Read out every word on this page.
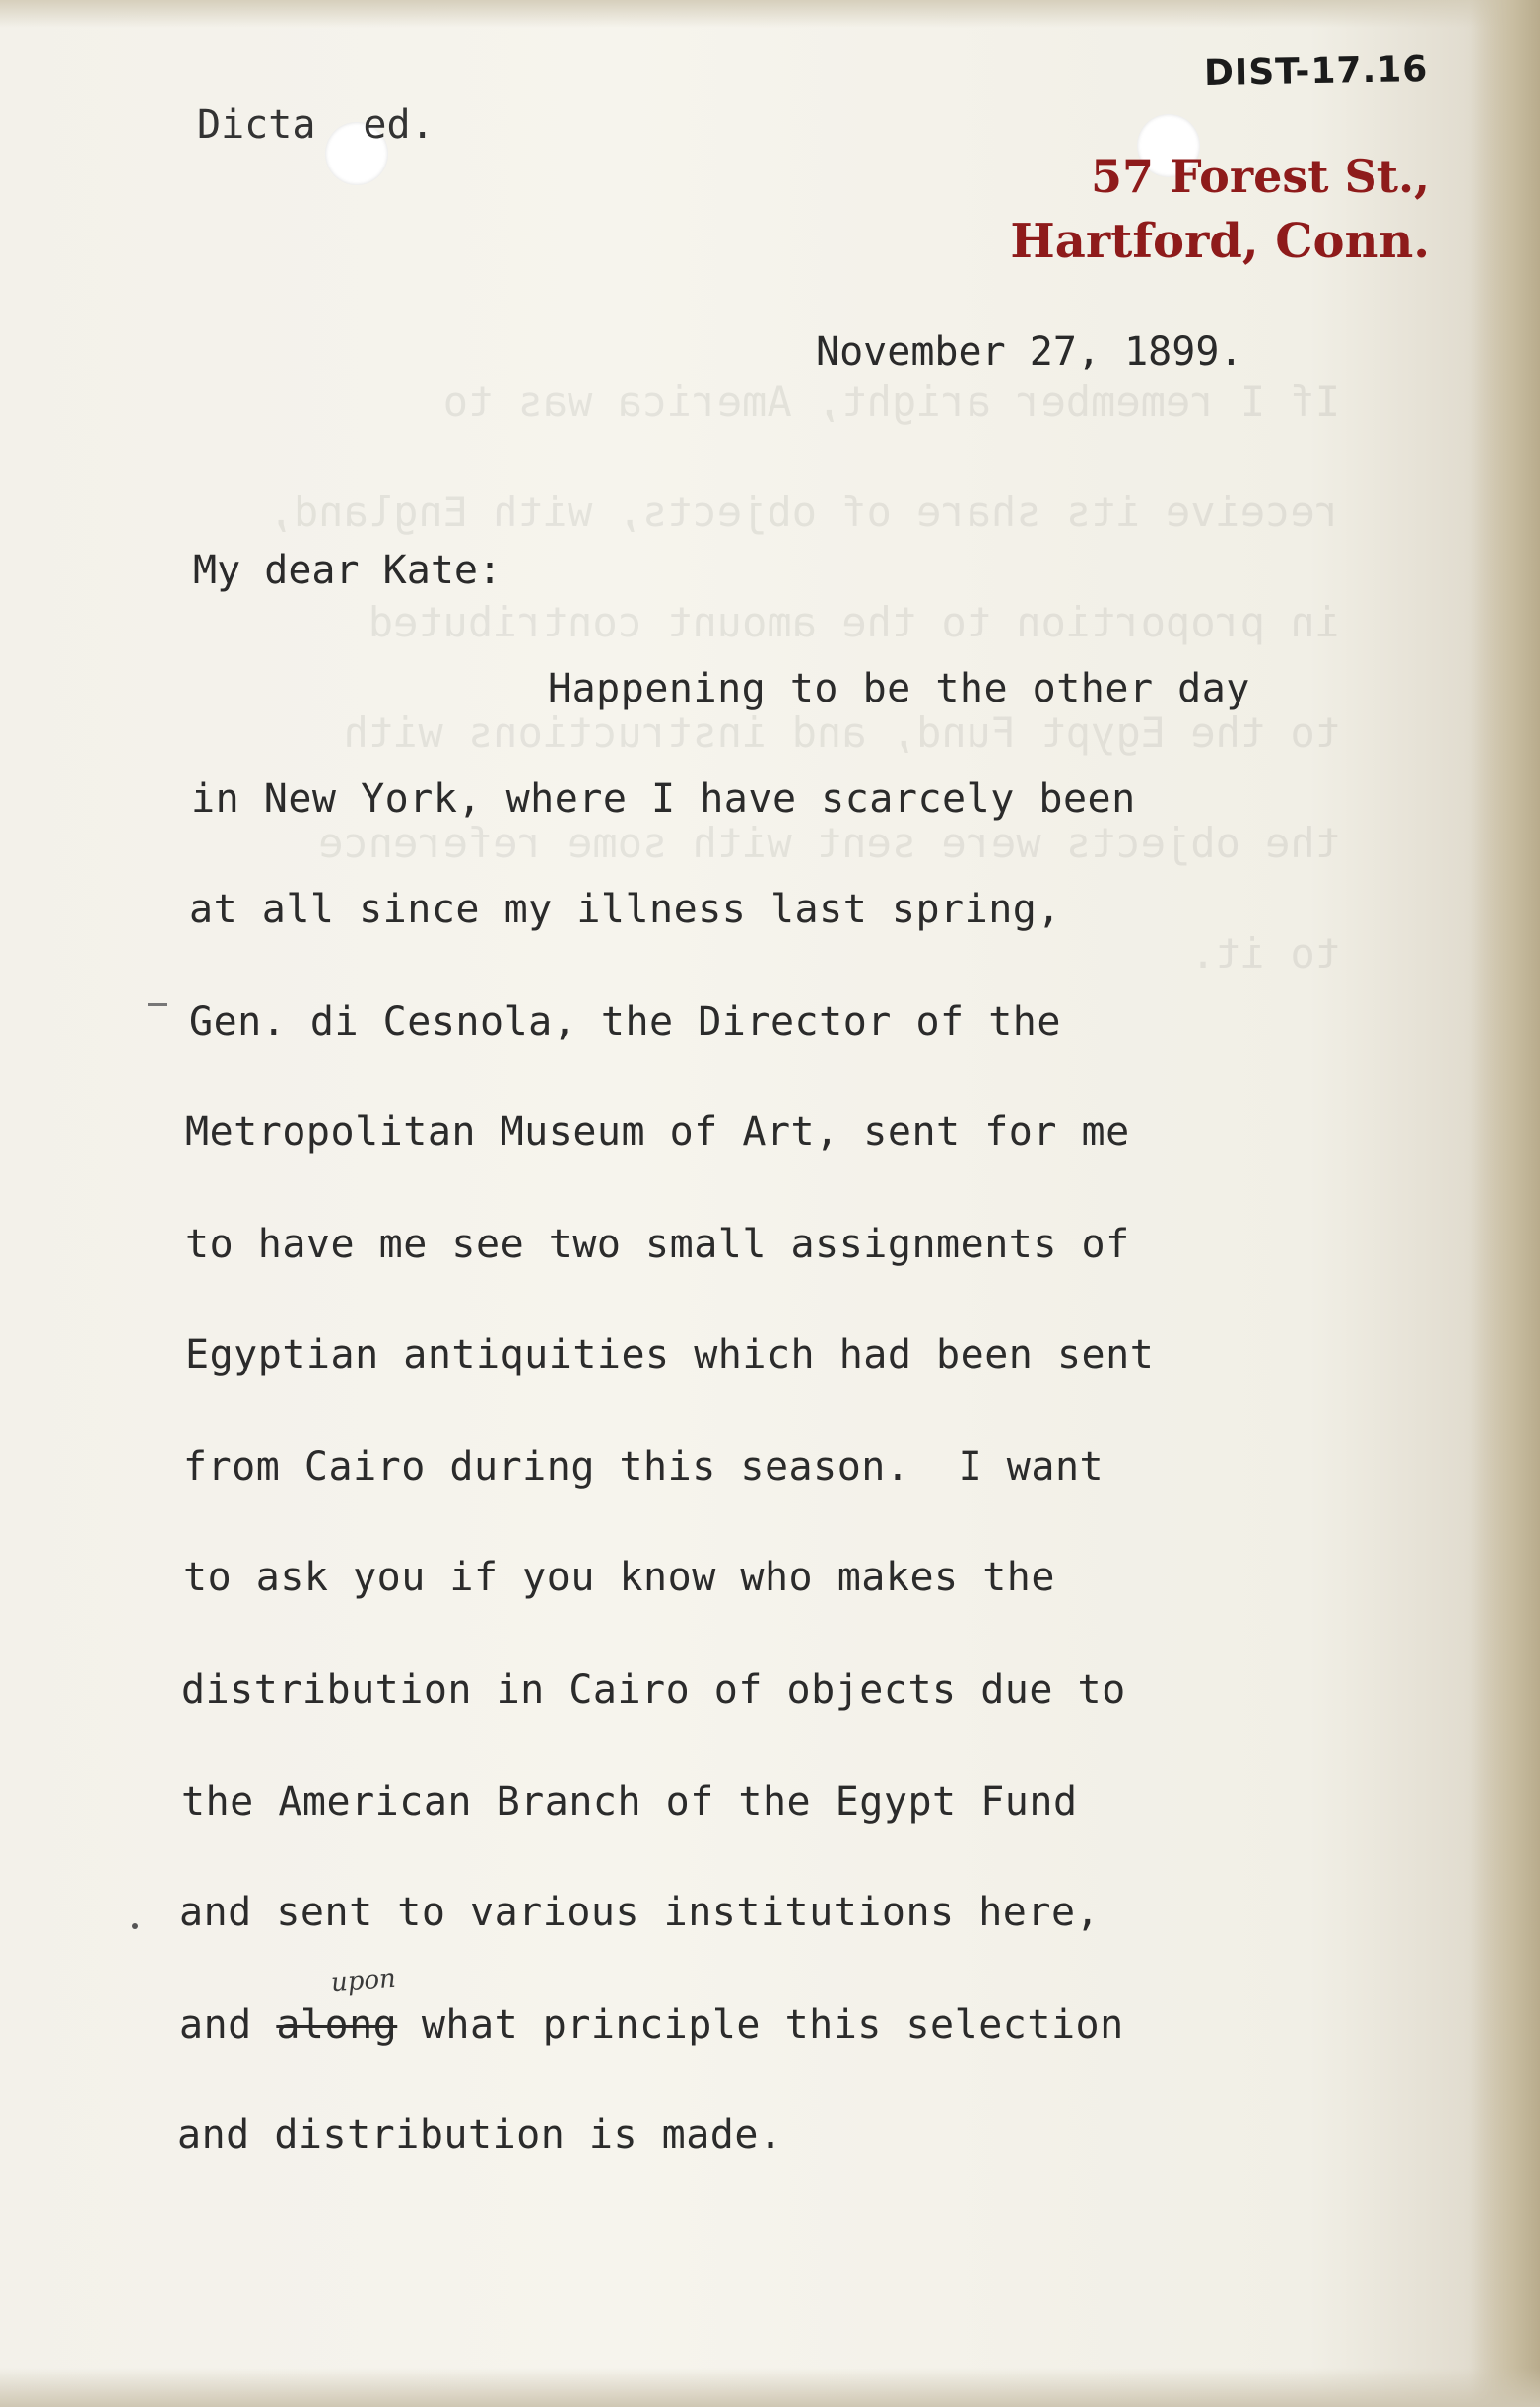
If I remember aright, America was to
receive its share of objects, with England,
in proportion to the amount contributed
to the Egypt Fund, and instructions with
the objects were sent with some reference
to it.
DIST-17.16
Dicta ed.
57 Forest St.,
Hartford, Conn.
November 27, 1899.
My dear Kate:
Happening to be the other day
in New York, where I have scarcely been
at all since my illness last spring,
Gen. di Cesnola, the Director of the
Metropolitan Museum of Art, sent for me
to have me see two small assignments of
Egyptian antiquities which had been sent
from Cairo during this season.  I want
to ask you if you know who makes the
distribution in Cairo of objects due to
the American Branch of the Egypt Fund
and sent to various institutions here,
and along what principle this selection
and distribution is made.
upon
